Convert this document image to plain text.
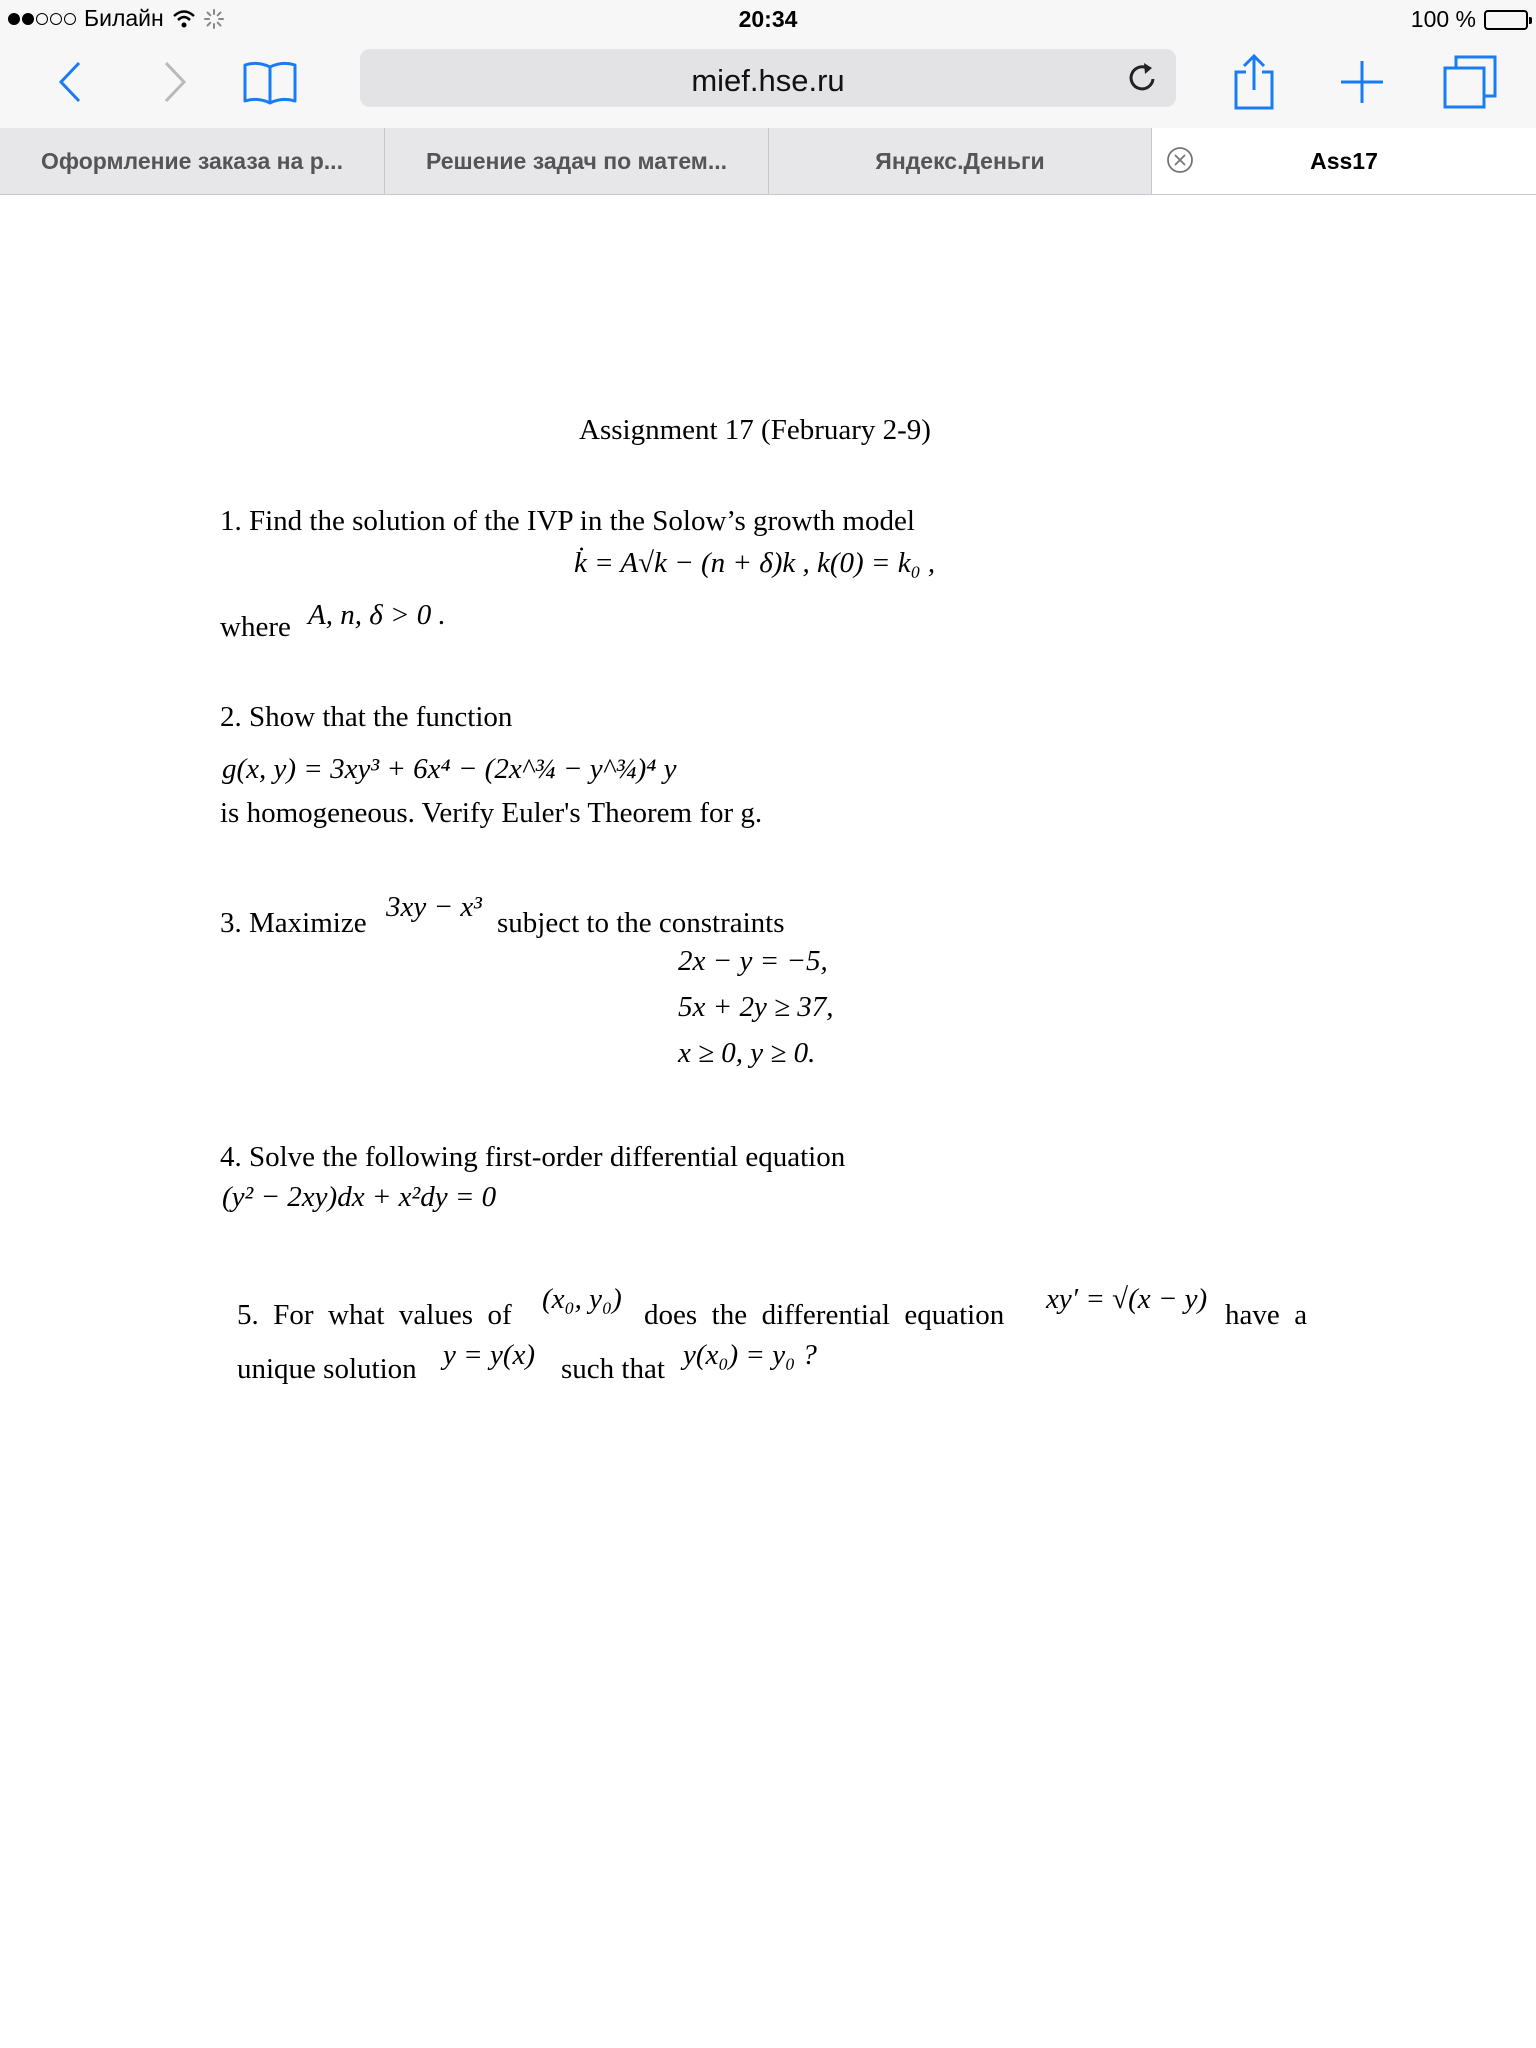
Билайн	20:34	100 %
mief.hse.ru
Оформление заказа на р...	Решение задач по матем...	Яндекс.Деньги	Ass17
Assignment 17 (February 2-9)
1. Find the solution of the IVP in the Solow’s growth model
k̇ = A√k − (n + δ)k , k(0) = k₀ ,
where A, n, δ > 0 .
2. Show that the function
g(x, y) = 3xy³ + 6x⁴ − (2x^¾ − y^¾)⁴ y
is homogeneous. Verify Euler's Theorem for g.
3. Maximize 3xy − x³ subject to the constraints
2x − y = −5,
5x + 2y ≥ 37,
x ≥ 0, y ≥ 0.
4. Solve the following first-order differential equation
(y² − 2xy)dx + x²dy = 0
5.  For  what  values  of (x₀, y₀) does  the  differential  equation xy′ = √(x − y) have  a
unique solution y = y(x) such that y(x₀) = y₀ ?
